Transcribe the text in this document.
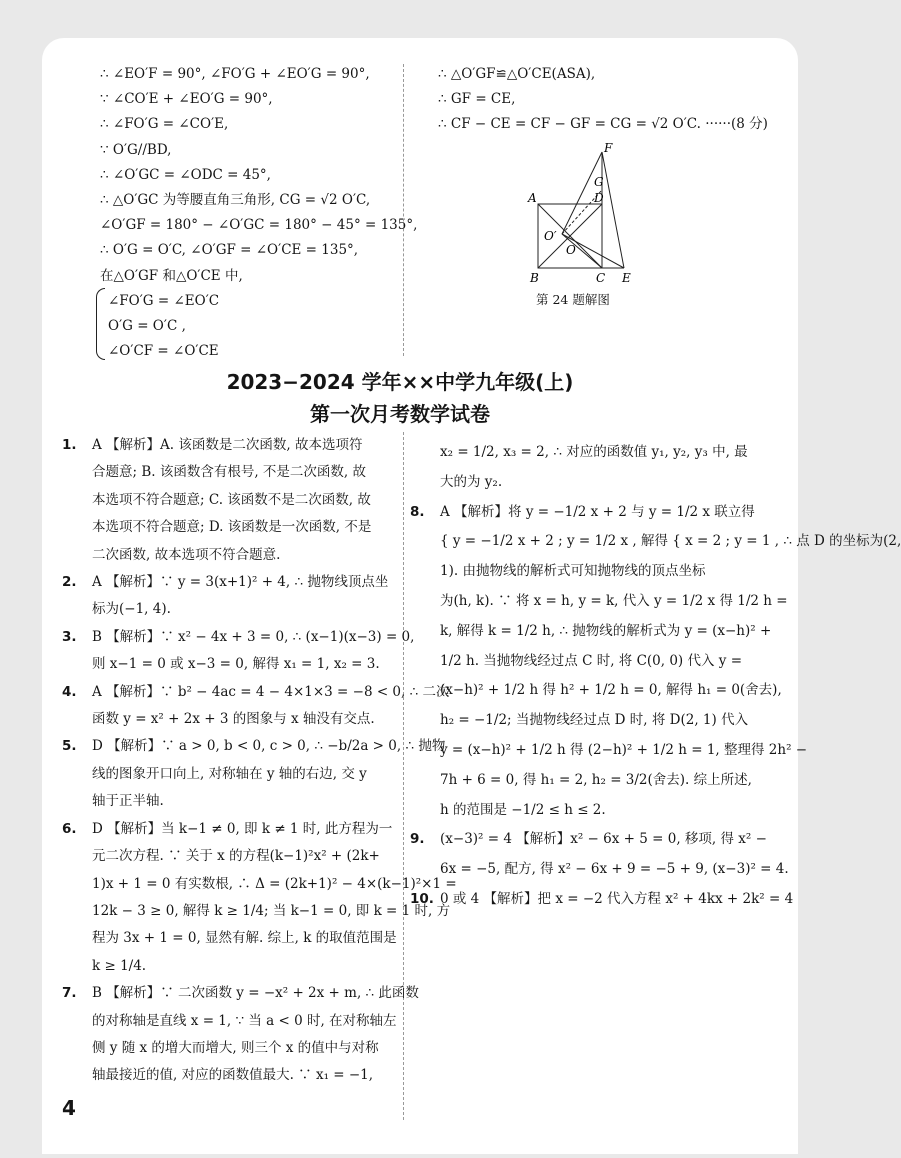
∴ ∠EO′F = 90°, ∠FO′G + ∠EO′G = 90°,
∵ ∠CO′E + ∠EO′G = 90°,
∴ ∠FO′G = ∠CO′E,
∵ O′G//BD,
∴ ∠O′GC = ∠ODC = 45°,
∴ △O′GC 为等腰直角三角形, CG = √2 O′C,
∠O′GF = 180° − ∠O′GC = 180° − 45° = 135°,
∴ O′G = O′C, ∠O′GF = ∠O′CE = 135°,
在△O′GF 和△O′CE 中,
∠FO′G = ∠EO′C
O′G = O′C ,
∠O′CF = ∠O′CE
∴ △O′GF≌△O′CE(ASA),
∴ GF = CE,
∴ CF − CE = CF − GF = CG = √2 O′C. ······(8 分)
F
G
A	D
O′
O
B	C E
第 24 题解图
2023−2024 学年××中学九年级(上)
第一次月考数学试卷
1. A 【解析】A. 该函数是二次函数, 故本选项符
合题意; B. 该函数含有根号, 不是二次函数, 故
本选项不符合题意; C. 该函数不是二次函数, 故
本选项不符合题意; D. 该函数是一次函数, 不是
二次函数, 故本选项不符合题意.
2. A 【解析】∵ y = 3(x+1)² + 4, ∴ 抛物线顶点坐
标为(−1, 4).
3. B 【解析】∵ x² − 4x + 3 = 0, ∴ (x−1)(x−3) = 0,
则 x−1 = 0 或 x−3 = 0, 解得 x₁ = 1, x₂ = 3.
4. A 【解析】∵ b² − 4ac = 4 − 4×1×3 = −8 < 0, ∴ 二次
函数 y = x² + 2x + 3 的图象与 x 轴没有交点.
5. D 【解析】∵ a > 0, b < 0, c > 0, ∴ −b/2a > 0, ∴ 抛物
线的图象开口向上, 对称轴在 y 轴的右边, 交 y
轴于正半轴.
6. D 【解析】当 k−1 ≠ 0, 即 k ≠ 1 时, 此方程为一
元二次方程. ∵ 关于 x 的方程(k−1)²x² + (2k+
1)x + 1 = 0 有实数根, ∴ Δ = (2k+1)² − 4×(k−1)²×1 =
12k − 3 ≥ 0, 解得 k ≥ 1/4; 当 k−1 = 0, 即 k = 1 时, 方
程为 3x + 1 = 0, 显然有解. 综上, k 的取值范围是
k ≥ 1/4.
7. B 【解析】∵ 二次函数 y = −x² + 2x + m, ∴ 此函数
的对称轴是直线 x = 1, ∵ 当 a < 0 时, 在对称轴左
侧 y 随 x 的增大而增大, 则三个 x 的值中与对称
轴最接近的值, 对应的函数值最大. ∵ x₁ = −1,
x₂ = 1/2, x₃ = 2, ∴ 对应的函数值 y₁, y₂, y₃ 中, 最
大的为 y₂.
8. A 【解析】将 y = −1/2 x + 2 与 y = 1/2 x 联立得
{ y = −1/2 x + 2 ; y = 1/2 x , 解得 { x = 2 ; y = 1 , ∴ 点 D 的坐标为(2,
1). 由抛物线的解析式可知抛物线的顶点坐标
为(h, k). ∵ 将 x = h, y = k, 代入 y = 1/2 x 得 1/2 h =
k, 解得 k = 1/2 h, ∴ 抛物线的解析式为 y = (x−h)² +
1/2 h. 当抛物线经过点 C 时, 将 C(0, 0) 代入 y =
(x−h)² + 1/2 h 得 h² + 1/2 h = 0, 解得 h₁ = 0(舍去),
h₂ = −1/2; 当抛物线经过点 D 时, 将 D(2, 1) 代入
y = (x−h)² + 1/2 h 得 (2−h)² + 1/2 h = 1, 整理得 2h² −
7h + 6 = 0, 得 h₁ = 2, h₂ = 3/2(舍去). 综上所述,
h 的范围是 −1/2 ≤ h ≤ 2.
9. (x−3)² = 4 【解析】x² − 6x + 5 = 0, 移项, 得 x² −
6x = −5, 配方, 得 x² − 6x + 9 = −5 + 9, (x−3)² = 4.
10. 0 或 4 【解析】把 x = −2 代入方程 x² + 4kx + 2k² = 4
4
